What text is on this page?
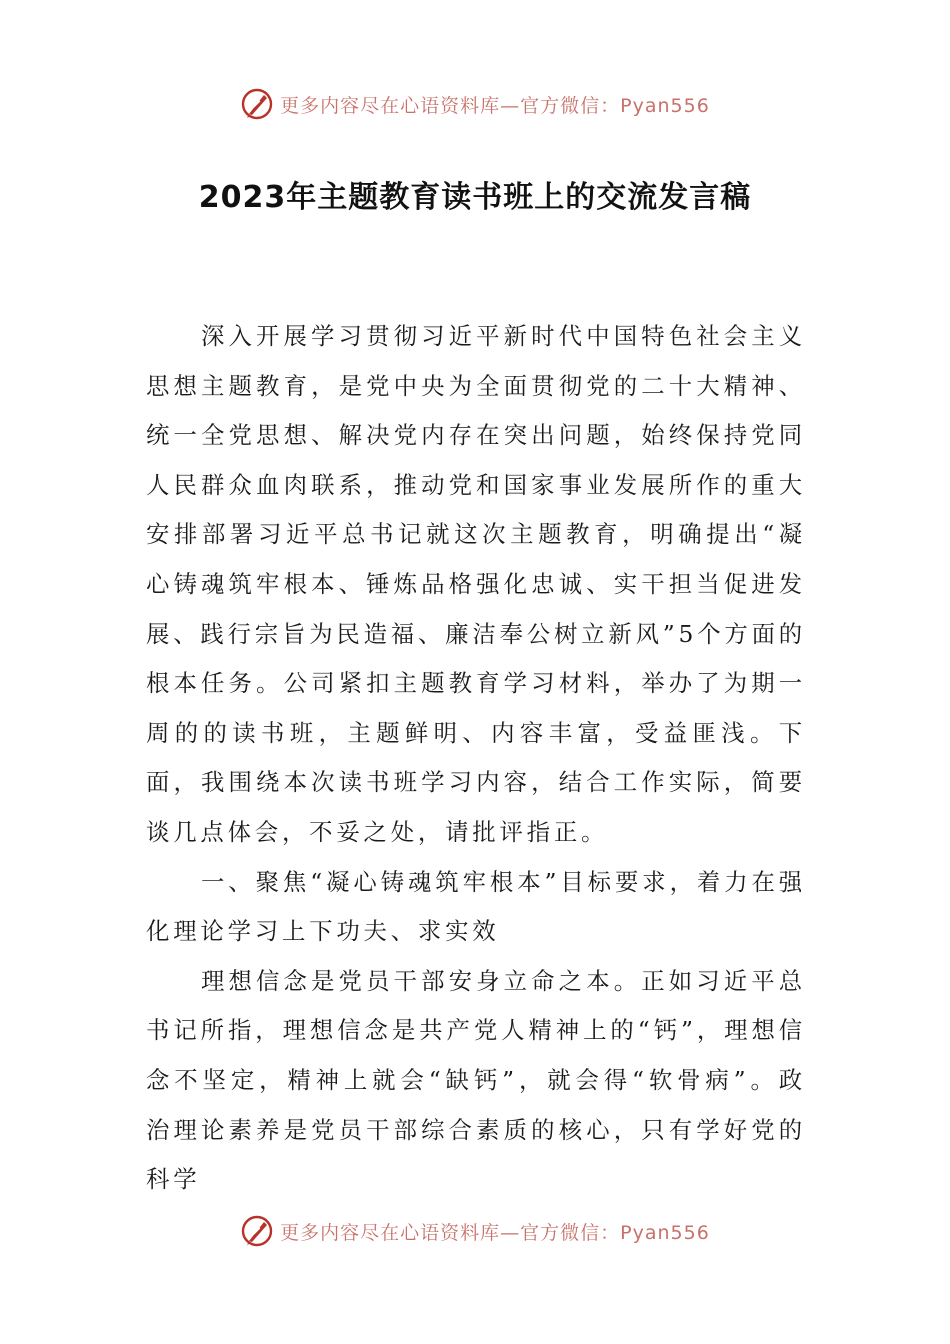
更多内容尽在心语资料库—官方微信：Pyan556
2023年主题教育读书班上的交流发言稿

深入开展学习贯彻习近平新时代中国特色社会主义思想主题教育，是党中央为全面贯彻党的二十大精神、统一全党思想、解决党内存在突出问题，始终保持党同人民群众血肉联系，推动党和国家事业发展所作的重大安排部署习近平总书记就这次主题教育，明确提出“凝心铸魂筑牢根本、锤炼品格强化忠诚、实干担当促进发展、践行宗旨为民造福、廉洁奉公树立新风”5个方面的根本任务。公司紧扣主题教育学习材料，举办了为期一周的的读书班，主题鲜明、内容丰富，受益匪浅。下面，我围绕本次读书班学习内容，结合工作实际，简要谈几点体会，不妥之处，请批评指正。

一、聚焦“凝心铸魂筑牢根本”目标要求，着力在强化理论学习上下功夫、求实效

理想信念是党员干部安身立命之本。正如习近平总书记所指，理想信念是共产党人精神上的“钙”，理想信念不坚定，精神上就会“缺钙”，就会得“软骨病”。政治理论素养是党员干部综合素质的核心，只有学好党的科学

更多内容尽在心语资料库—官方微信：Pyan556
